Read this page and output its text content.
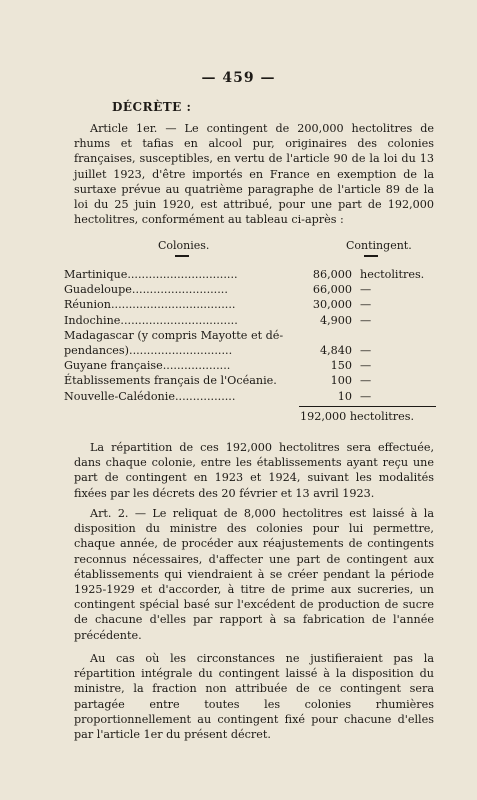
— 459 —
DÉCRÈTE :

Article 1er. — Le contingent de 200,000 hectolitres de rhums et tafias en alcool pur, originaires des colonies françaises, susceptibles, en vertu de l'article 90 de la loi du 13 juillet 1923, d'être importés en France en exemption de la surtaxe prévue au quatrième paragraphe de l'article 89 de la loi du 25 juin 1920, est attribué, pour une part de 192,000 hectolitres, conformément au tableau ci-après :

Colonies.	Contingent.
Martinique...............................	86,000 hectolitres.
Guadeloupe...........................	66,000 —
Réunion...................................	30,000 —
Indochine.................................	4,900 —
Madagascar (y compris Mayotte et dé-
pendances).............................	4,840 —
Guyane française...................	150 —
Établissements français de l'Océanie.	100 —
Nouvelle-Calédonie.................	10 —
192,000 hectolitres.

La répartition de ces 192,000 hectolitres sera effectuée, dans chaque colonie, entre les établissements ayant reçu une part de contingent en 1923 et 1924, suivant les modalités fixées par les décrets des 20 février et 13 avril 1923.

Art. 2. — Le reliquat de 8,000 hectolitres est laissé à la disposition du ministre des colonies pour lui permettre, chaque année, de procéder aux réajustements de contingents reconnus nécessaires, d'affecter une part de contingent aux établissements qui viendraient à se créer pendant la période 1925-1929 et d'accorder, à titre de prime aux sucreries, un contingent spécial basé sur l'excédent de production de sucre de chacune d'elles par rapport à sa fabrication de l'année précédente.

Au cas où les circonstances ne justifieraient pas la répartition intégrale du contingent laissé à la disposition du ministre, la fraction non attribuée de ce contingent sera partagée entre toutes les colonies rhumières proportionnellement au contingent fixé pour chacune d'elles par l'article 1er du présent décret.
